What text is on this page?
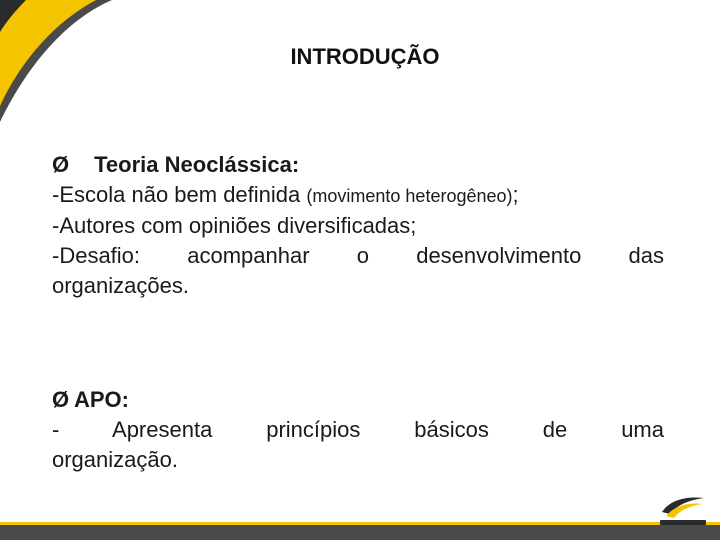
INTRODUÇÃO
Ø Teoria Neoclássica:
-Escola não bem definida (movimento heterogêneo);
-Autores com opiniões diversificadas;
-Desafio: acompanhar o desenvolvimento das
organizações.
Ø APO:
- Apresenta princípios básicos de uma
organização.
